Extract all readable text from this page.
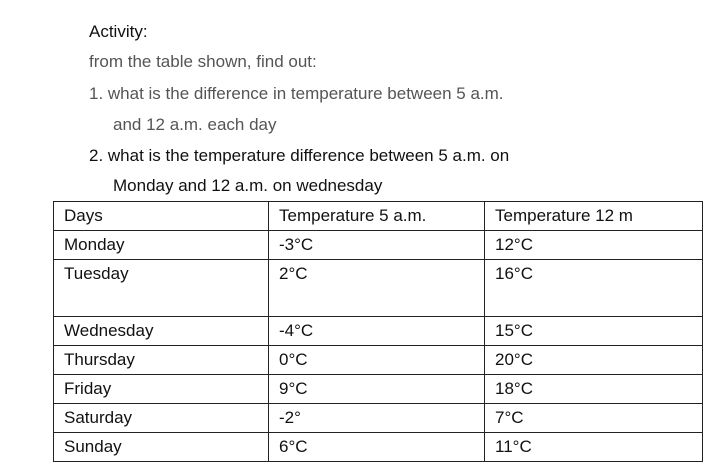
Activity:
from the table shown, find out:
1. what is the difference in temperature between 5 a.m.
and 12 a.m. each day
2. what is the temperature difference between 5 a.m. on
Monday and 12 a.m. on wednesday
Days	Temperature 5 a.m.	Temperature 12 m
Monday	-3°C	12°C
Tuesday	2°C	16°C
Wednesday	-4°C	15°C
Thursday	0°C	20°C
Friday	9°C	18°C
Saturday	-2°	7°C
Sunday	6°C	11°C
